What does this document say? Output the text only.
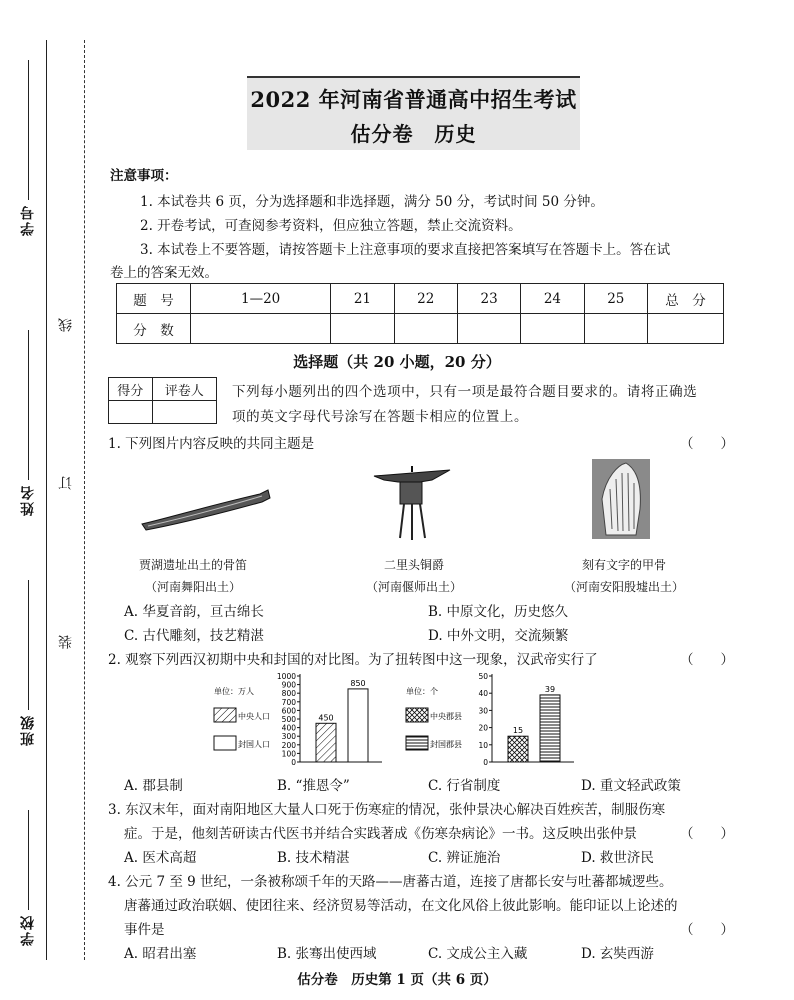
学号
姓名
班级
学校
线
订
装
2022 年河南省普通高中招生考试
估分卷　历史
注意事项：
1. 本试卷共 6 页，分为选择题和非选择题，满分 50 分，考试时间 50 分钟。
2. 开卷考试，可查阅参考资料，但应独立答题，禁止交流资料。
3. 本试卷上不要答题，请按答题卡上注意事项的要求直接把答案填写在答题卡上。答在试
卷上的答案无效。
题　号	1—20	21	22	23	24	25	总　分
分　数							
选择题（共 20 小题，20 分）
得分	评卷人
	下列每小题列出的四个选项中，只有一项是最符合题目要求的。请将正确选
项的英文字母代号涂写在答题卡相应的位置上。
1. 下列图片内容反映的共同主题是	（　　）
贾湖遗址出土的骨笛
（河南舞阳出土）
二里头铜爵
（河南偃师出土）
刻有文字的甲骨
（河南安阳殷墟出土）
A. 华夏音韵，亘古绵长	B. 中原文化，历史悠久
C. 古代雕刻，技艺精湛	D. 中外文明，交流频繁
2. 观察下列西汉初期中央和封国的对比图。为了扭转图中这一现象，汉武帝实行了	（　　）
单位：万人
中央人口
封国人口
0
100
200
300
400
500
600
700
800
900
1000
450
850
单位：个
中央郡县
封国郡县
0
10
20
30
40
50
15
39
A. 郡县制	B. “推恩令”	C. 行省制度	D. 重文轻武政策
3. 东汉末年，面对南阳地区大量人口死于伤寒症的情况，张仲景决心解决百姓疾苦，制服伤寒
症。于是，他刻苦研读古代医书并结合实践著成《伤寒杂病论》一书。这反映出张仲景	（　　）
A. 医术高超	B. 技术精湛	C. 辨证施治	D. 救世济民
4. 公元 7 至 9 世纪，一条被称颂千年的天路——唐蕃古道，连接了唐都长安与吐蕃都城逻些。
唐蕃通过政治联姻、使团往来、经济贸易等活动，在文化风俗上彼此影响。能印证以上论述的
事件是	（　　）
A. 昭君出塞	B. 张骞出使西域	C. 文成公主入藏	D. 玄奘西游
估分卷　历史第 1 页（共 6 页）
